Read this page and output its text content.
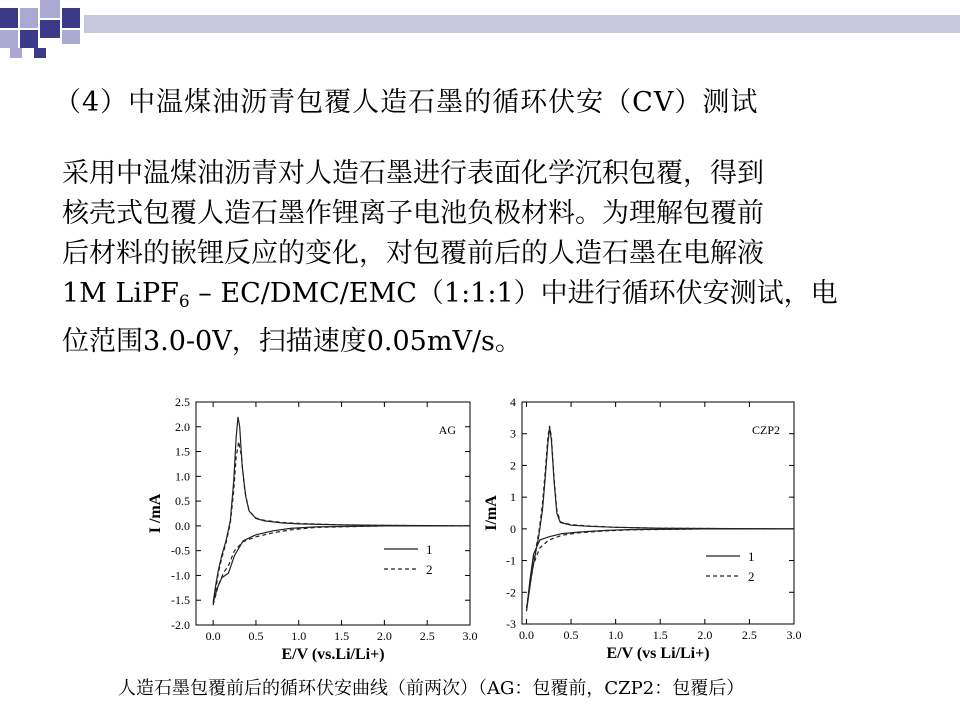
（4）中温煤油沥青包覆人造石墨的循环伏安（CV）测试
采用中温煤油沥青对人造石墨进行表面化学沉积包覆，得到
核壳式包覆人造石墨作锂离子电池负极材料。为理解包覆前
后材料的嵌锂反应的变化，对包覆前后的人造石墨在电解液
1M LiPF$_6$ – EC/DMC/EMC（1:1:1）中进行循环伏安测试，电
位范围3.0-0V，扫描速度0.05mV/s。
0.0 0.5 1.0 1.5 2.0 2.5 3.0
-2.0
-1.5
-1.0
-0.5
0.0
0.5
1.0
1.5
2.0
2.5
AG
I /mA
E/V (vs.Li/Li+)
1
2
0.0 0.5 1.0 1.5 2.0 2.5 3.0
-3
-2
-1
0
1
2
3
4
CZP2
I/mA
E/V (vs Li/Li+)
1
2
人造石墨包覆前后的循环伏安曲线（前两次）（AG：包覆前，CZP2：包覆后）
